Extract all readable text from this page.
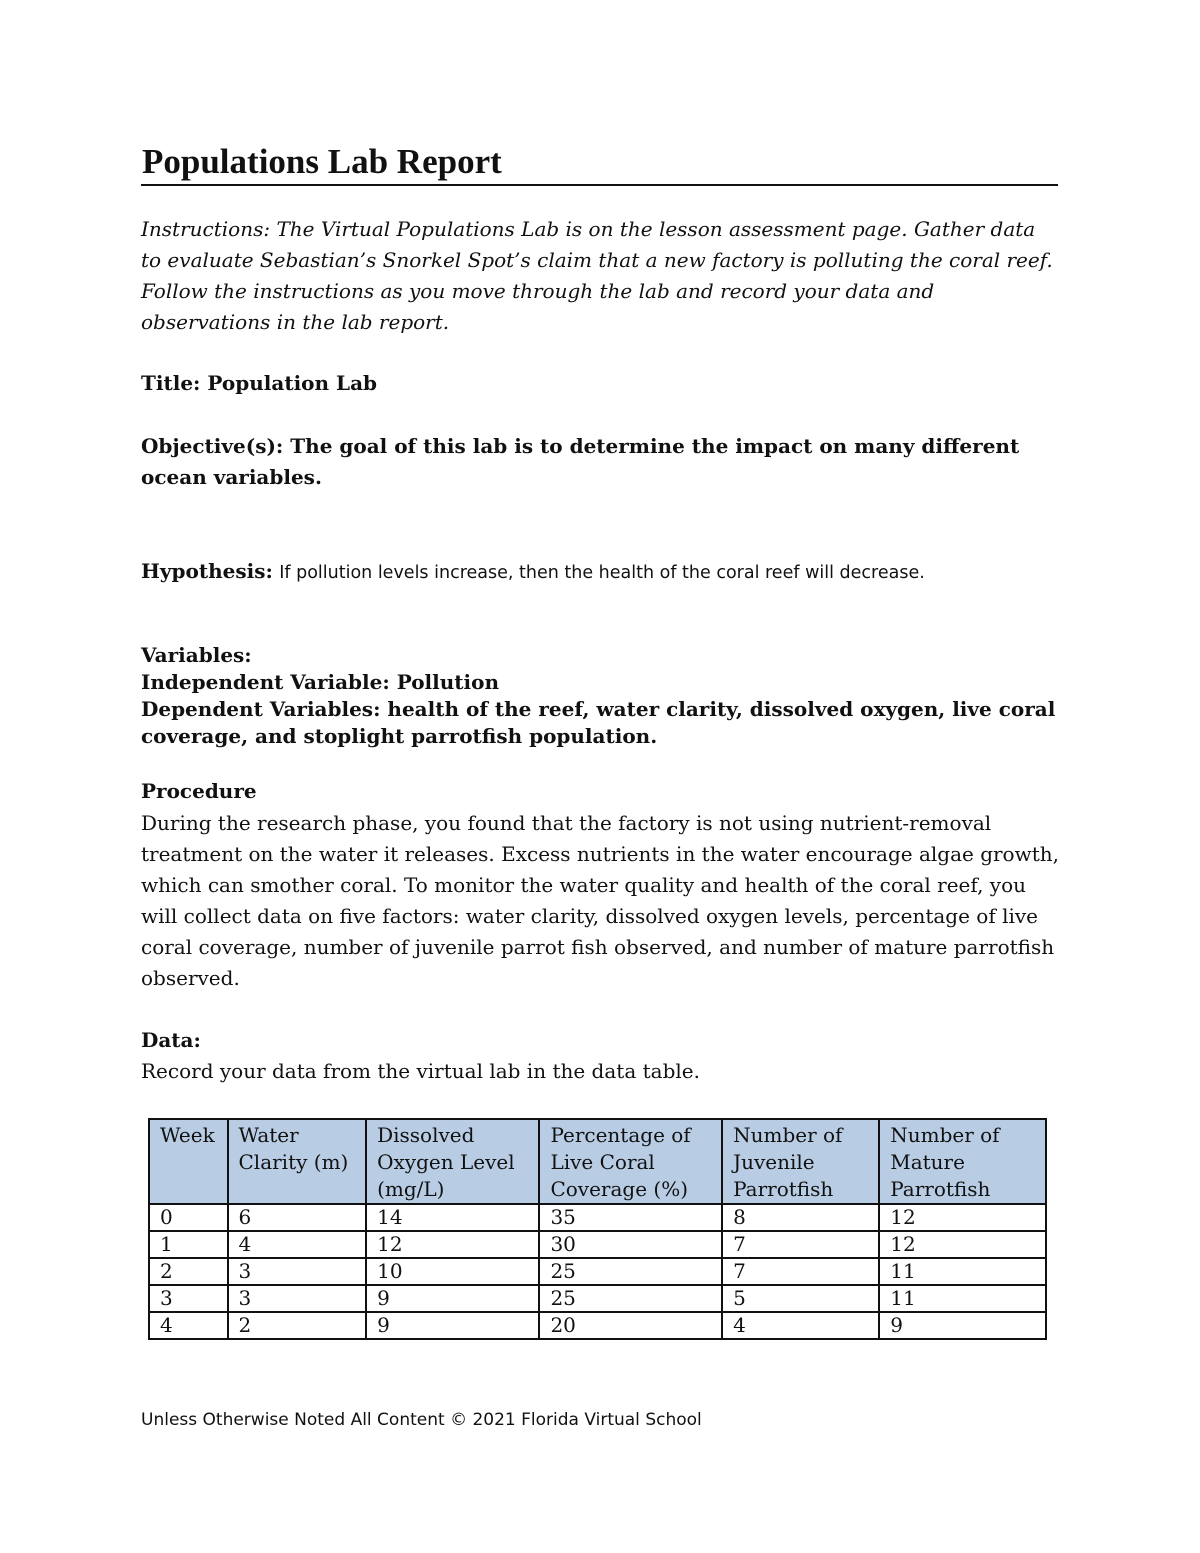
Populations Lab Report

Instructions: The Virtual Populations Lab is on the lesson assessment page. Gather data to evaluate Sebastian’s Snorkel Spot’s claim that a new factory is polluting the coral reef. Follow the instructions as you move through the lab and record your data and observations in the lab report.

Title: Population Lab

Objective(s): The goal of this lab is to determine the impact on many different ocean variables.

Hypothesis: If pollution levels increase, then the health of the coral reef will decrease.

Variables:
Independent Variable: Pollution
Dependent Variables: health of the reef, water clarity, dissolved oxygen, live coral coverage, and stoplight parrotfish population.

Procedure

During the research phase, you found that the factory is not using nutrient-removal treatment on the water it releases. Excess nutrients in the water encourage algae growth, which can smother coral. To monitor the water quality and health of the coral reef, you will collect data on five factors: water clarity, dissolved oxygen levels, percentage of live coral coverage, number of juvenile parrot fish observed, and number of mature parrotfish observed.

Data:

Record your data from the virtual lab in the data table.

Week	Water Clarity (m)	Dissolved Oxygen Level (mg/L)	Percentage of Live Coral Coverage (%)	Number of Juvenile Parrotfish	Number of Mature Parrotfish
0	6	14	35	8	12
1	4	12	30	7	12
2	3	10	25	7	11
3	3	9	25	5	11
4	2	9	20	4	9

Unless Otherwise Noted All Content © 2021 Florida Virtual School
